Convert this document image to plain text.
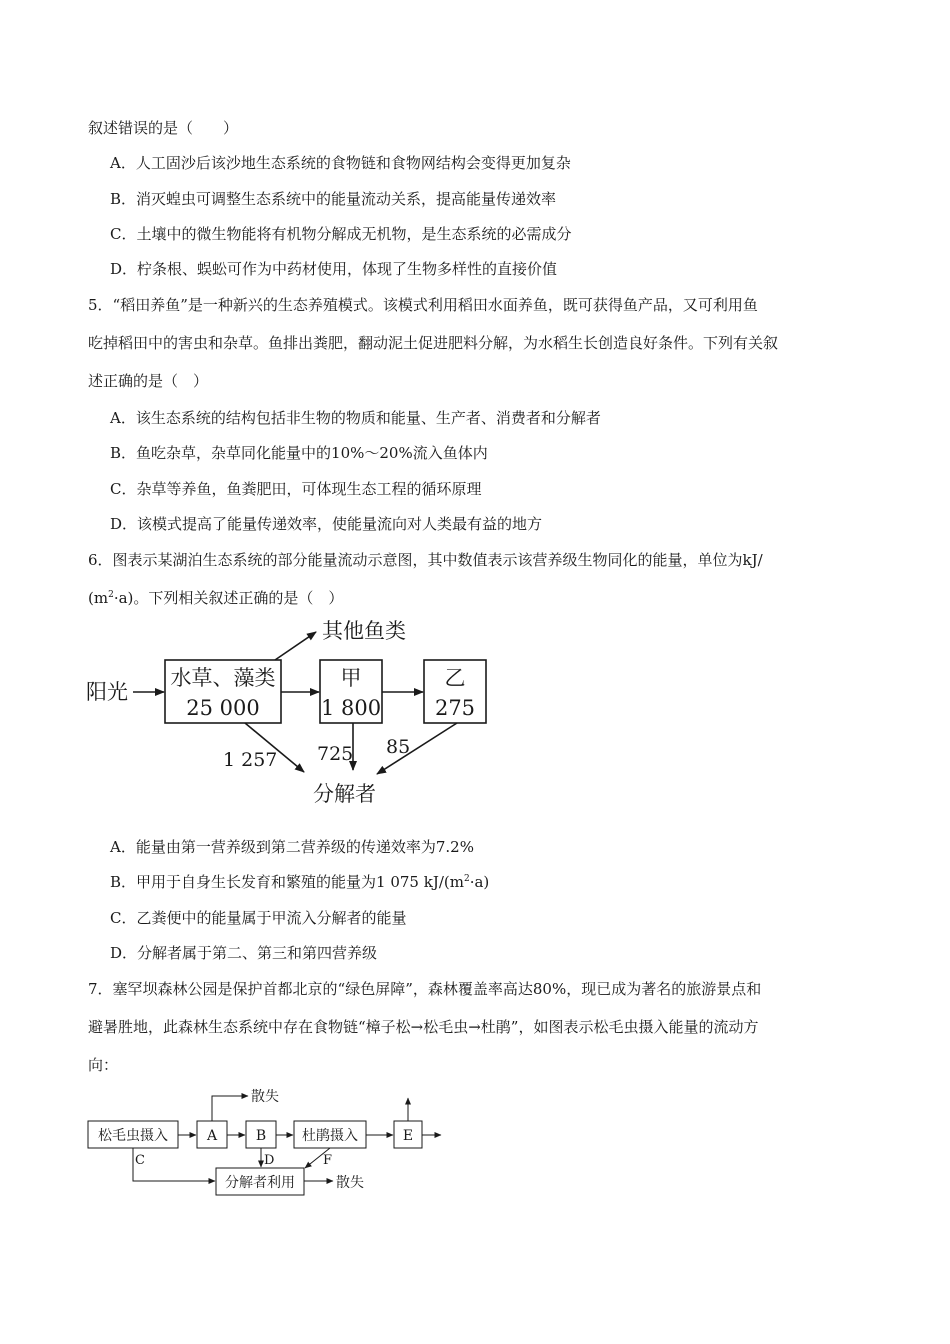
叙述错误的是（　　）
A．人工固沙后该沙地生态系统的食物链和食物网结构会变得更加复杂
B．消灭蝗虫可调整生态系统中的能量流动关系，提高能量传递效率
C．土壤中的微生物能将有机物分解成无机物，是生态系统的必需成分
D．柠条根、蜈蚣可作为中药材使用，体现了生物多样性的直接价值
5．“稻田养鱼”是一种新兴的生态养殖模式。该模式利用稻田水面养鱼，既可获得鱼产品，又可利用鱼
吃掉稻田中的害虫和杂草。鱼排出粪肥，翻动泥土促进肥料分解，为水稻生长创造良好条件。下列有关叙
述正确的是（　）
A．该生态系统的结构包括非生物的物质和能量、生产者、消费者和分解者
B．鱼吃杂草，杂草同化能量中的10%～20%流入鱼体内
C．杂草等养鱼，鱼粪肥田，可体现生态工程的循环原理
D．该模式提高了能量传递效率，使能量流向对人类最有益的地方
6．图表示某湖泊生态系统的部分能量流动示意图，其中数值表示该营养级生物同化的能量，单位为kJ/
$(m^2\cdot a)$。下列相关叙述正确的是（　）
阳光
其他鱼类
水草、藻类
25 000
甲
1 800
乙
275
1 257 725 85
分解者
A．能量由第一营养级到第二营养级的传递效率为7.2%
B．甲用于自身生长发育和繁殖的能量为1 075 $kJ/(m^2\cdot a)$
C．乙粪便中的能量属于甲流入分解者的能量
D．分解者属于第二、第三和第四营养级
7．塞罕坝森林公园是保护首都北京的“绿色屏障”，森林覆盖率高达80%，现已成为著名的旅游景点和
避暑胜地，此森林生态系统中存在食物链“樟子松→松毛虫→杜鹃”，如图表示松毛虫摄入能量的流动方
向：
松毛虫摄入	A	B	杜鹃摄入	E
散失
分解者利用	散失
C	D	F
